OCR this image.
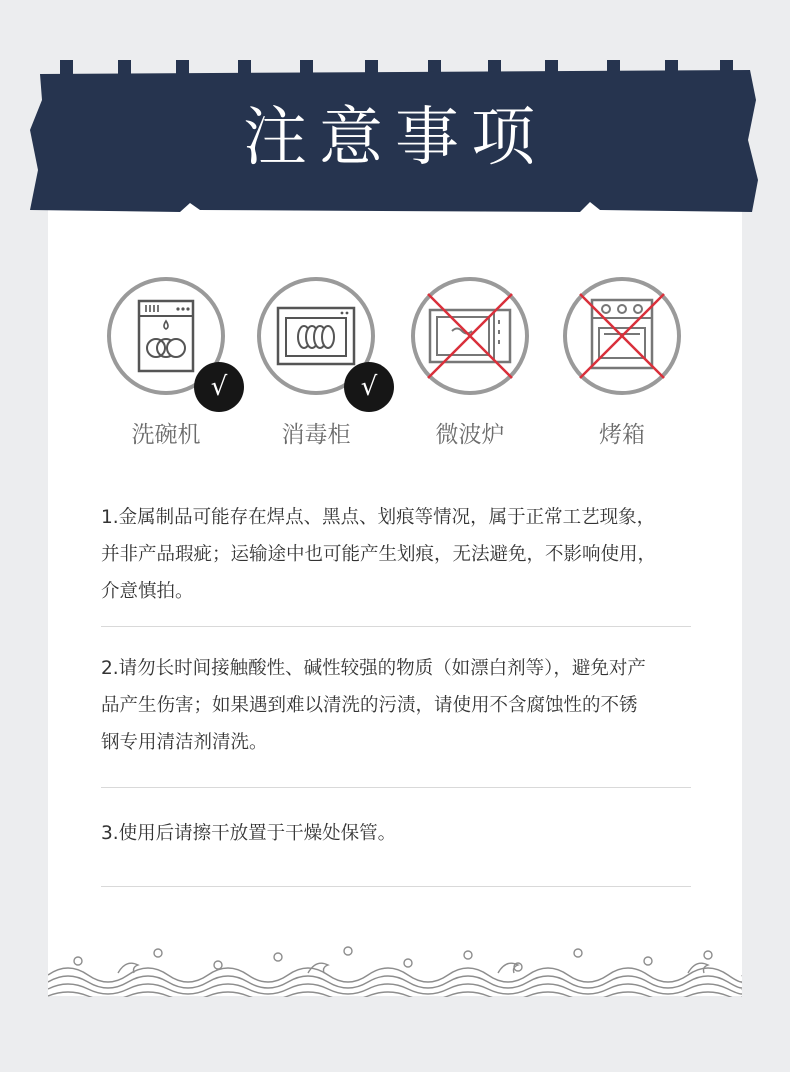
注意事项
√
洗碗机
√
消毒柜	微波炉	烤箱
1.金属制品可能存在焊点、黑点、划痕等情况，属于正常工艺现象，
并非产品瑕疵；运输途中也可能产生划痕，无法避免，不影响使用，
介意慎拍。
2.请勿长时间接触酸性、碱性较强的物质（如漂白剂等），避免对产
品产生伤害；如果遇到难以清洗的污渍，请使用不含腐蚀性的不锈
钢专用清洁剂清洗。
3.使用后请擦干放置于干燥处保管。
